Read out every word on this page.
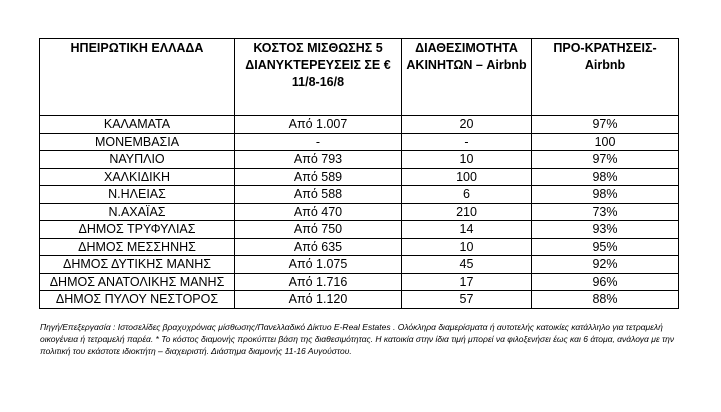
ΗΠΕΙΡΩΤΙΚΗ ΕΛΛΑΔΑ	ΚΟΣΤΟΣ ΜΙΣΘΩΣΗΣ 5 ΔΙΑΝΥΚΤΕΡΕΥΣΕΙΣ ΣΕ € 11/8-16/8	ΔΙΑΘΕΣΙΜΟΤΗΤΑ ΑΚΙΝΗΤΩΝ – Airbnb	ΠΡΟ-ΚΡΑΤΗΣΕΙΣ- Airbnb
ΚΑΛΑΜΑΤΑ	Από 1.007	20	97%
ΜΟΝΕΜΒΑΣΙΑ	-	-	100
ΝΑΥΠΛΙΟ	Από 793	10	97%
ΧΑΛΚΙΔΙΚΗ	Από 589	100	98%
Ν.ΗΛΕΙΑΣ	Από 588	6	98%
Ν.ΑΧΑΪΑΣ	Από 470	210	73%
ΔΗΜΟΣ ΤΡΥΦΥΛΙΑΣ	Από 750	14	93%
ΔΗΜΟΣ ΜΕΣΣΗΝΗΣ	Από 635	10	95%
ΔΗΜΟΣ ΔΥΤΙΚΗΣ ΜΑΝΗΣ	Από 1.075	45	92%
ΔΗΜΟΣ ΑΝΑΤΟΛΙΚΗΣ ΜΑΝΗΣ	Από 1.716	17	96%
ΔΗΜΟΣ ΠΥΛΟΥ ΝΕΣΤΟΡΟΣ	Από 1.120	57	88%
Πηγή/Επεξεργασία : Ιστοσελίδες βραχυχρόνιας μίσθωσης/Πανελλαδικό Δίκτυο E-Real Estates . Ολόκληρα διαμερίσματα ή αυτοτελής κατοικίες κατάλληλο για τετραμελή οικογένεια ή τετραμελή παρέα. * Το κόστος διαμονής προκύπτει βάση της διαθεσιμότητας. Η κατοικία στην ίδια τιμή μπορεί να φιλοξενήσει έως και 6 άτομα, ανάλογα με την πολιτική του εκάστοτε ιδιοκτήτη – διαχειριστή. Διάστημα διαμονής 11-16 Αυγούστου.
